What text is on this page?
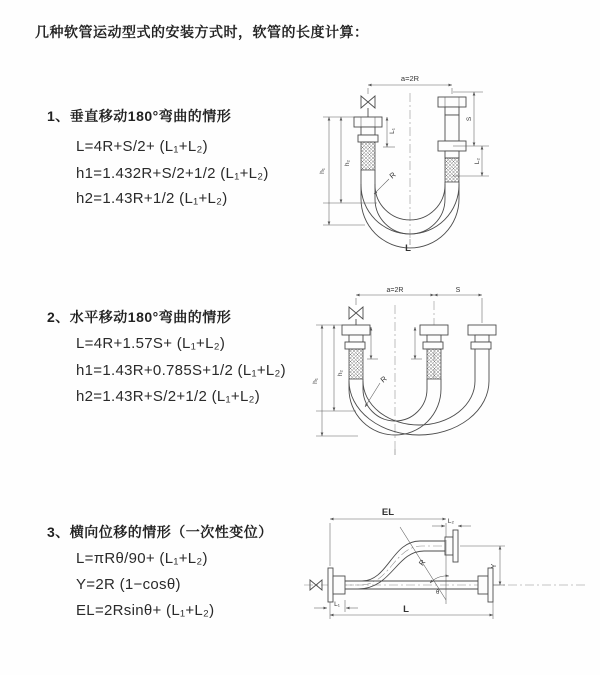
几种软管运动型式的安装方式时，软管的长度计算：
1、垂直移动180°弯曲的情形
L=4R+S/2+ (L₁+L₂)
h1=1.432R+S/2+1/2 (L₁+L₂)
h2=1.43R+1/2 (L₁+L₂)
2、水平移动180°弯曲的情形
L=4R+1.57S+ (L₁+L₂)
h1=1.43R+0.785S+1/2 (L₁+L₂)
h2=1.43R+S/2+1/2 (L₁+L₂)
3、横向位移的情形（一次性变位）
L=πRθ/90+ (L₁+L₂)
Y=2R (1−cosθ)
EL=2Rsinθ+ (L₁+L₂)
a=2R
h₁
h₂
L₁
S
L₂
R
L
a=2R	S
h₁
h₂
R
EL
L₂
Y
R
θ
L₁	L
